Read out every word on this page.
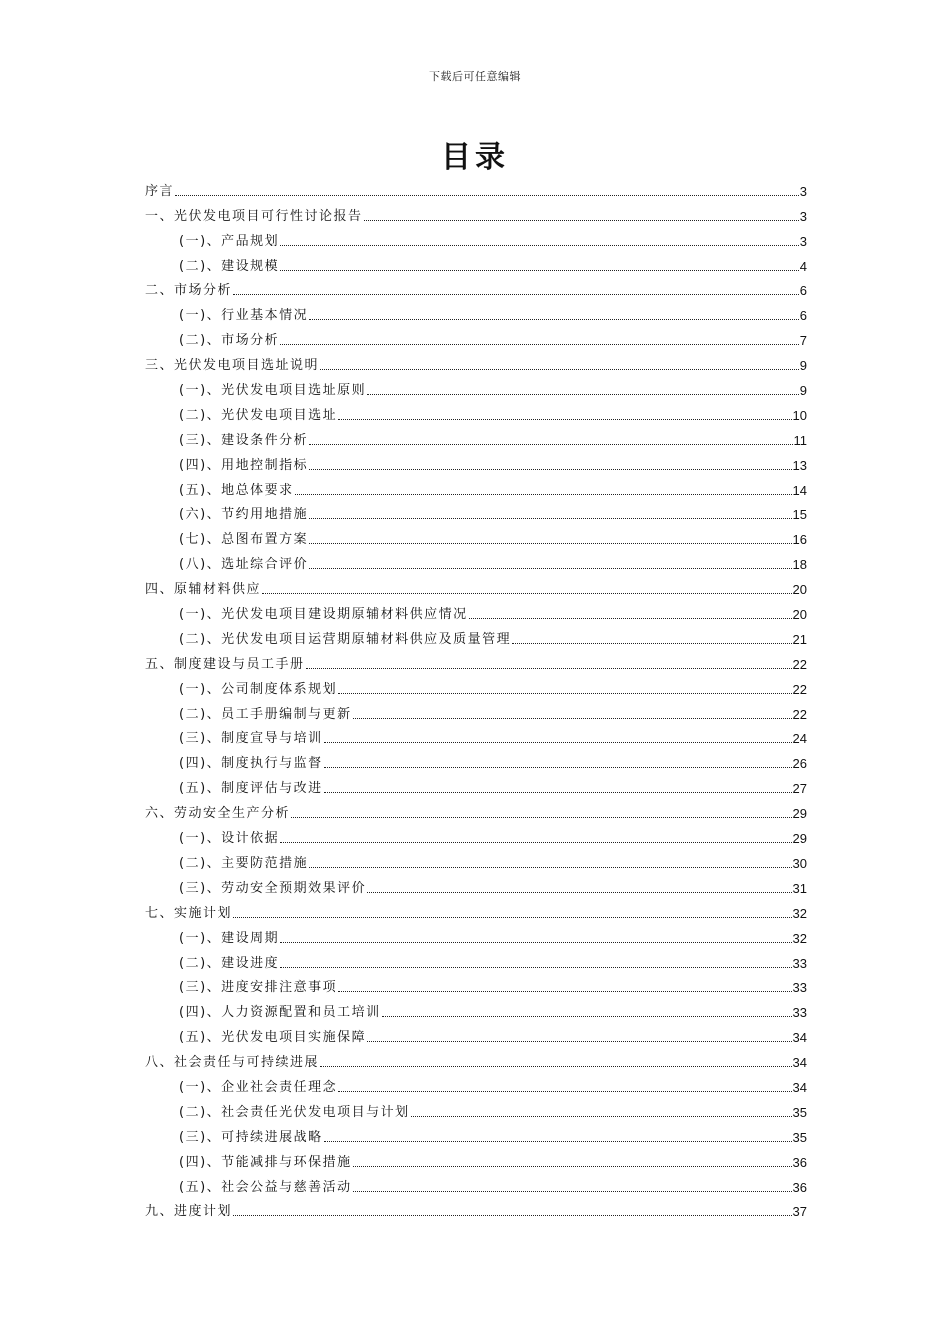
下载后可任意编辑
目录
序言	3
一、光伏发电项目可行性讨论报告	3
(一)、产品规划	3
(二)、建设规模	4
二、市场分析	6
(一)、行业基本情况	6
(二)、市场分析	7
三、光伏发电项目选址说明	9
(一)、光伏发电项目选址原则	9
(二)、光伏发电项目选址	10
(三)、建设条件分析	11
(四)、用地控制指标	13
(五)、地总体要求	14
(六)、节约用地措施	15
(七)、总图布置方案	16
(八)、选址综合评价	18
四、原辅材料供应	20
(一)、光伏发电项目建设期原辅材料供应情况	20
(二)、光伏发电项目运营期原辅材料供应及质量管理	21
五、制度建设与员工手册	22
(一)、公司制度体系规划	22
(二)、员工手册编制与更新	22
(三)、制度宣导与培训	24
(四)、制度执行与监督	26
(五)、制度评估与改进	27
六、劳动安全生产分析	29
(一)、设计依据	29
(二)、主要防范措施	30
(三)、劳动安全预期效果评价	31
七、实施计划	32
(一)、建设周期	32
(二)、建设进度	33
(三)、进度安排注意事项	33
(四)、人力资源配置和员工培训	33
(五)、光伏发电项目实施保障	34
八、社会责任与可持续进展	34
(一)、企业社会责任理念	34
(二)、社会责任光伏发电项目与计划	35
(三)、可持续进展战略	35
(四)、节能减排与环保措施	36
(五)、社会公益与慈善活动	36
九、进度计划	37
